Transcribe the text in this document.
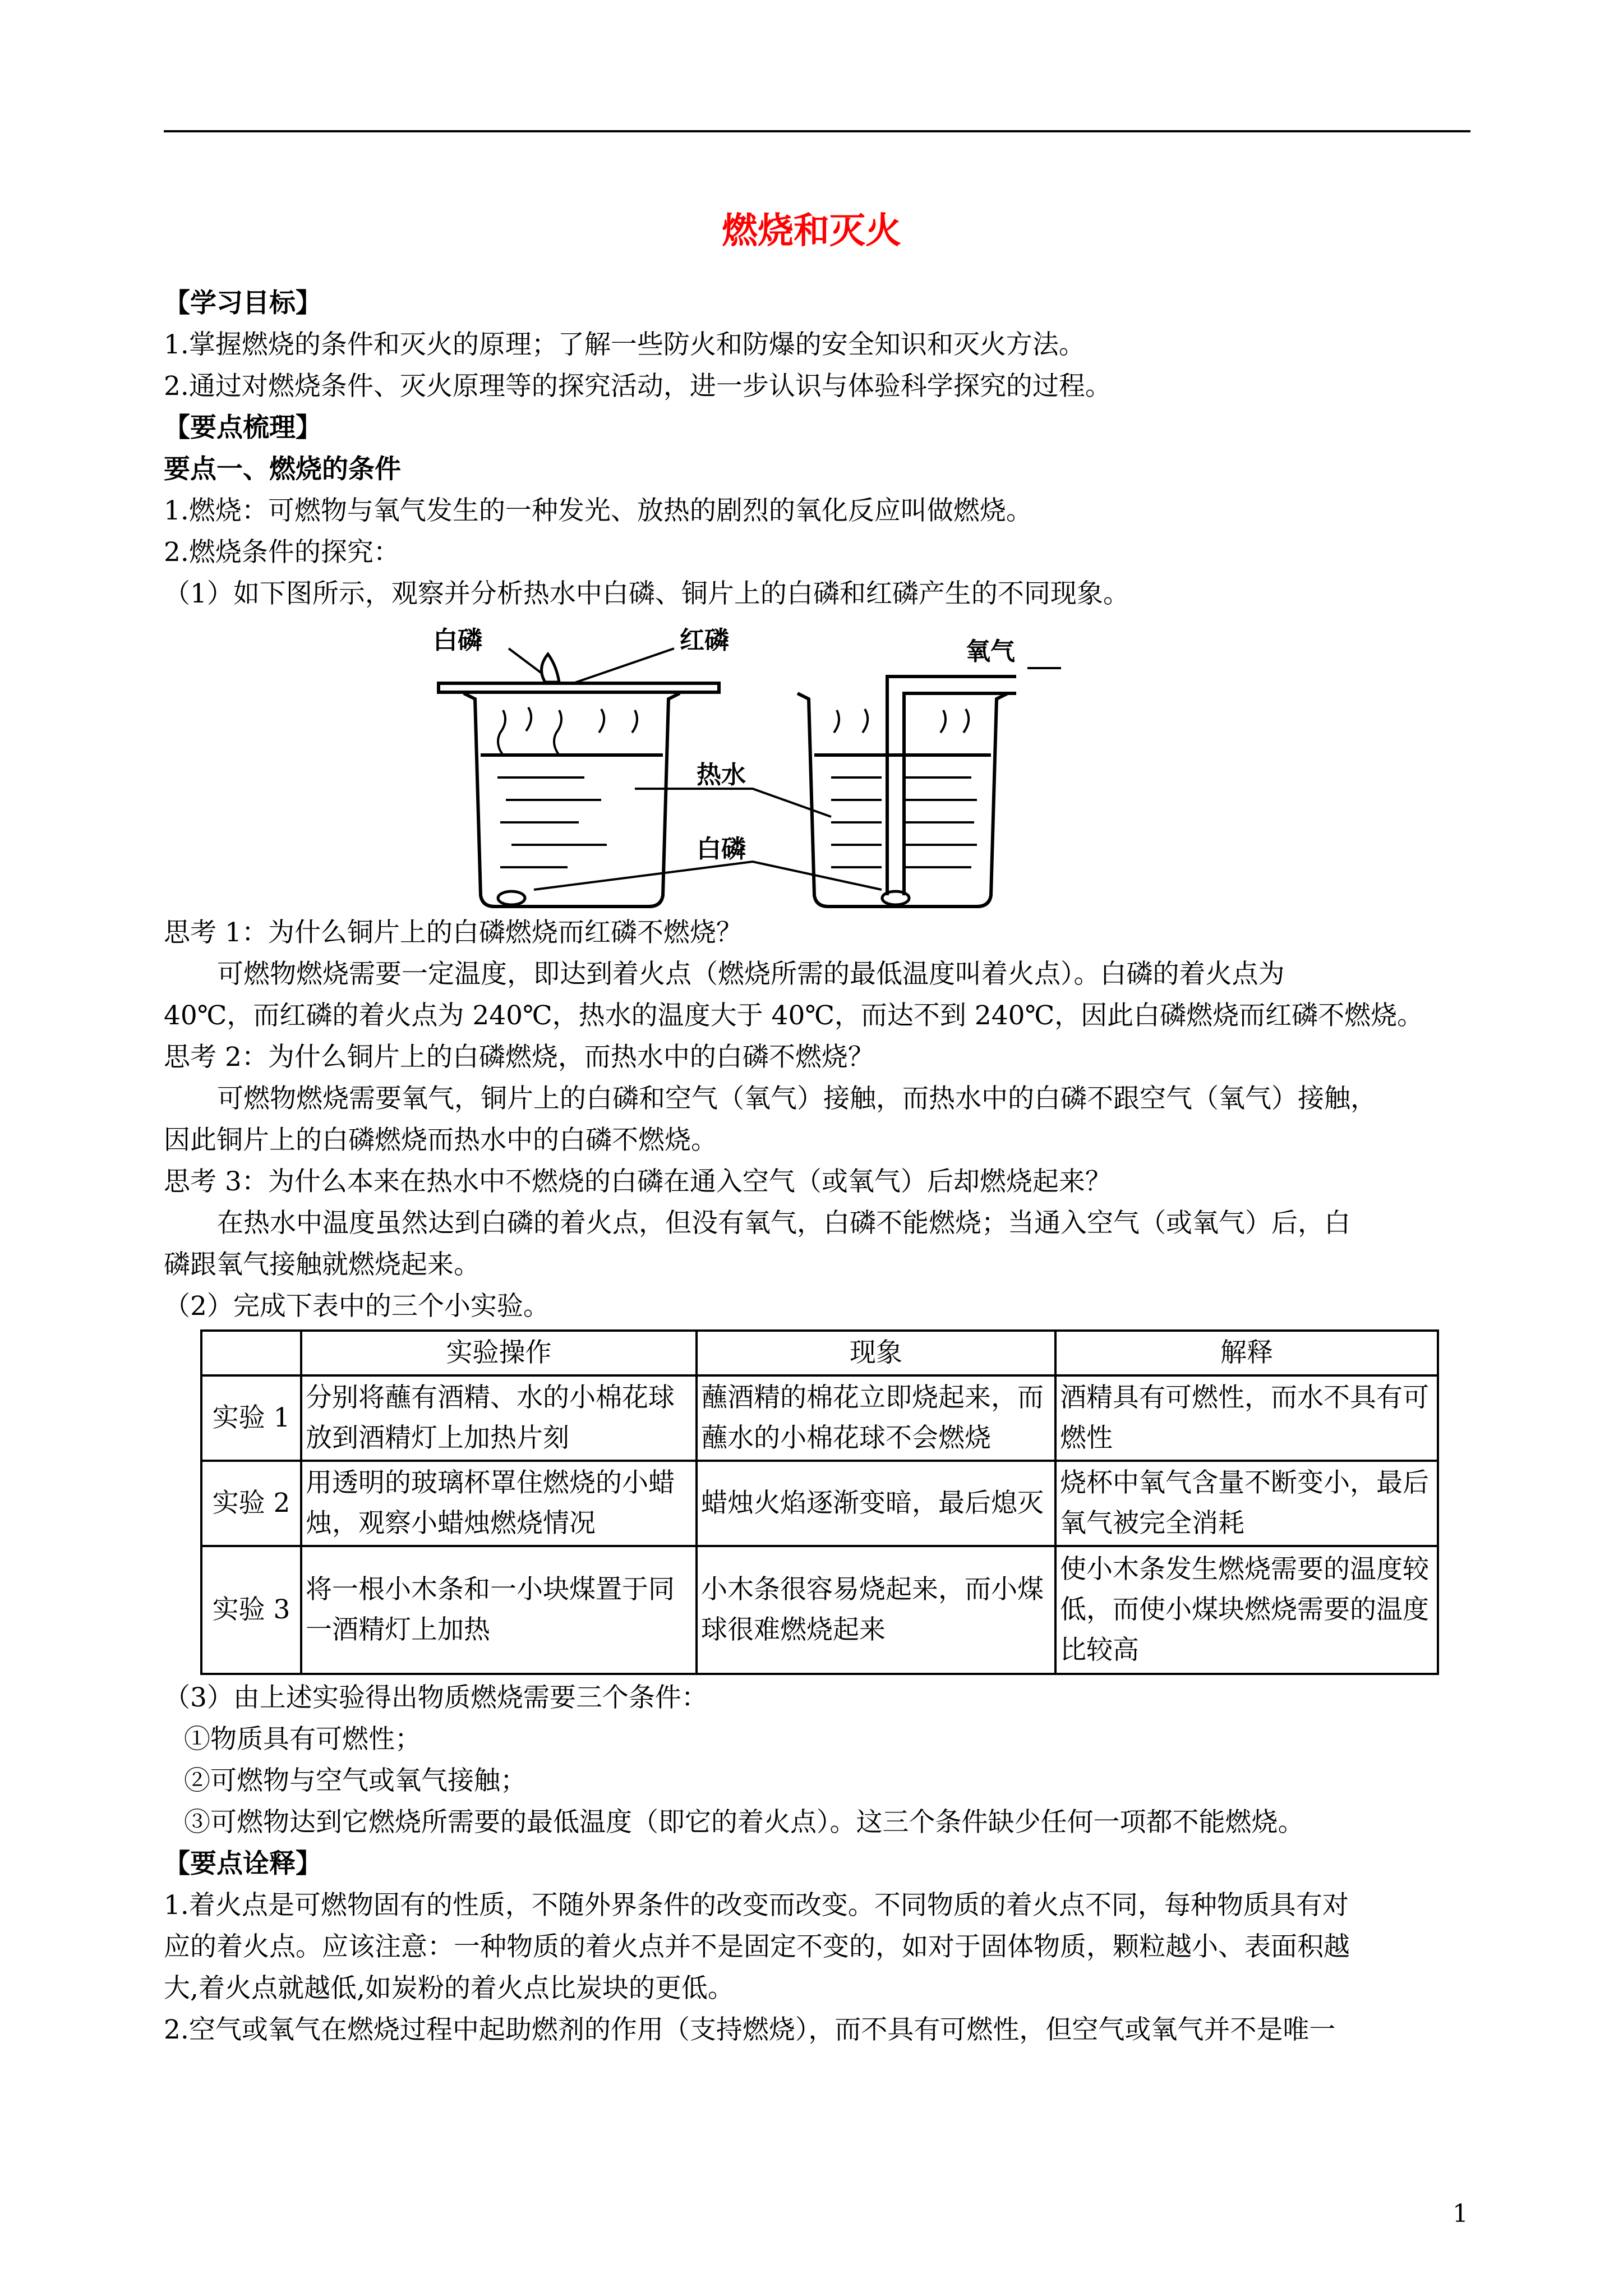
燃烧和灭火

【学习目标】

1.掌握燃烧的条件和灭火的原理；了解一些防火和防爆的安全知识和灭火方法。

2.通过对燃烧条件、灭火原理等的探究活动，进一步认识与体验科学探究的过程。

【要点梳理】

要点一、燃烧的条件

1.燃烧：可燃物与氧气发生的一种发光、放热的剧烈的氧化反应叫做燃烧。

2.燃烧条件的探究：

（1）如下图所示，观察并分析热水中白磷、铜片上的白磷和红磷产生的不同现象。

白磷	红磷
热水
白磷
氧气

思考 1：为什么铜片上的白磷燃烧而红磷不燃烧？

可燃物燃烧需要一定温度，即达到着火点（燃烧所需的最低温度叫着火点）。白磷的着火点为

40℃，而红磷的着火点为 240℃，热水的温度大于 40℃，而达不到 240℃，因此白磷燃烧而红磷不燃烧。

思考 2：为什么铜片上的白磷燃烧，而热水中的白磷不燃烧？

可燃物燃烧需要氧气，铜片上的白磷和空气（氧气）接触，而热水中的白磷不跟空气（氧气）接触，

因此铜片上的白磷燃烧而热水中的白磷不燃烧。

思考 3：为什么本来在热水中不燃烧的白磷在通入空气（或氧气）后却燃烧起来？

在热水中温度虽然达到白磷的着火点，但没有氧气，白磷不能燃烧；当通入空气（或氧气）后，白

磷跟氧气接触就燃烧起来。

（2）完成下表中的三个小实验。

	实验操作	现象	解释
实验 1	分别将蘸有酒精、水的小棉花球放到酒精灯上加热片刻	蘸酒精的棉花立即烧起来，而蘸水的小棉花球不会燃烧	酒精具有可燃性，而水不具有可燃性
实验 2	用透明的玻璃杯罩住燃烧的小蜡烛，观察小蜡烛燃烧情况	蜡烛火焰逐渐变暗，最后熄灭	烧杯中氧气含量不断变小，最后氧气被完全消耗
实验 3	将一根小木条和一小块煤置于同一酒精灯上加热	小木条很容易烧起来，而小煤球很难燃烧起来	使小木条发生燃烧需要的温度较低，而使小煤块燃烧需要的温度比较高

（3）由上述实验得出物质燃烧需要三个条件：

①物质具有可燃性；

②可燃物与空气或氧气接触；

③可燃物达到它燃烧所需要的最低温度（即它的着火点）。这三个条件缺少任何一项都不能燃烧。

【要点诠释】

1.着火点是可燃物固有的性质，不随外界条件的改变而改变。不同物质的着火点不同，每种物质具有对

应的着火点。应该注意：一种物质的着火点并不是固定不变的，如对于固体物质，颗粒越小、表面积越

大,着火点就越低,如炭粉的着火点比炭块的更低。

2.空气或氧气在燃烧过程中起助燃剂的作用（支持燃烧），而不具有可燃性，但空气或氧气并不是唯一

1
